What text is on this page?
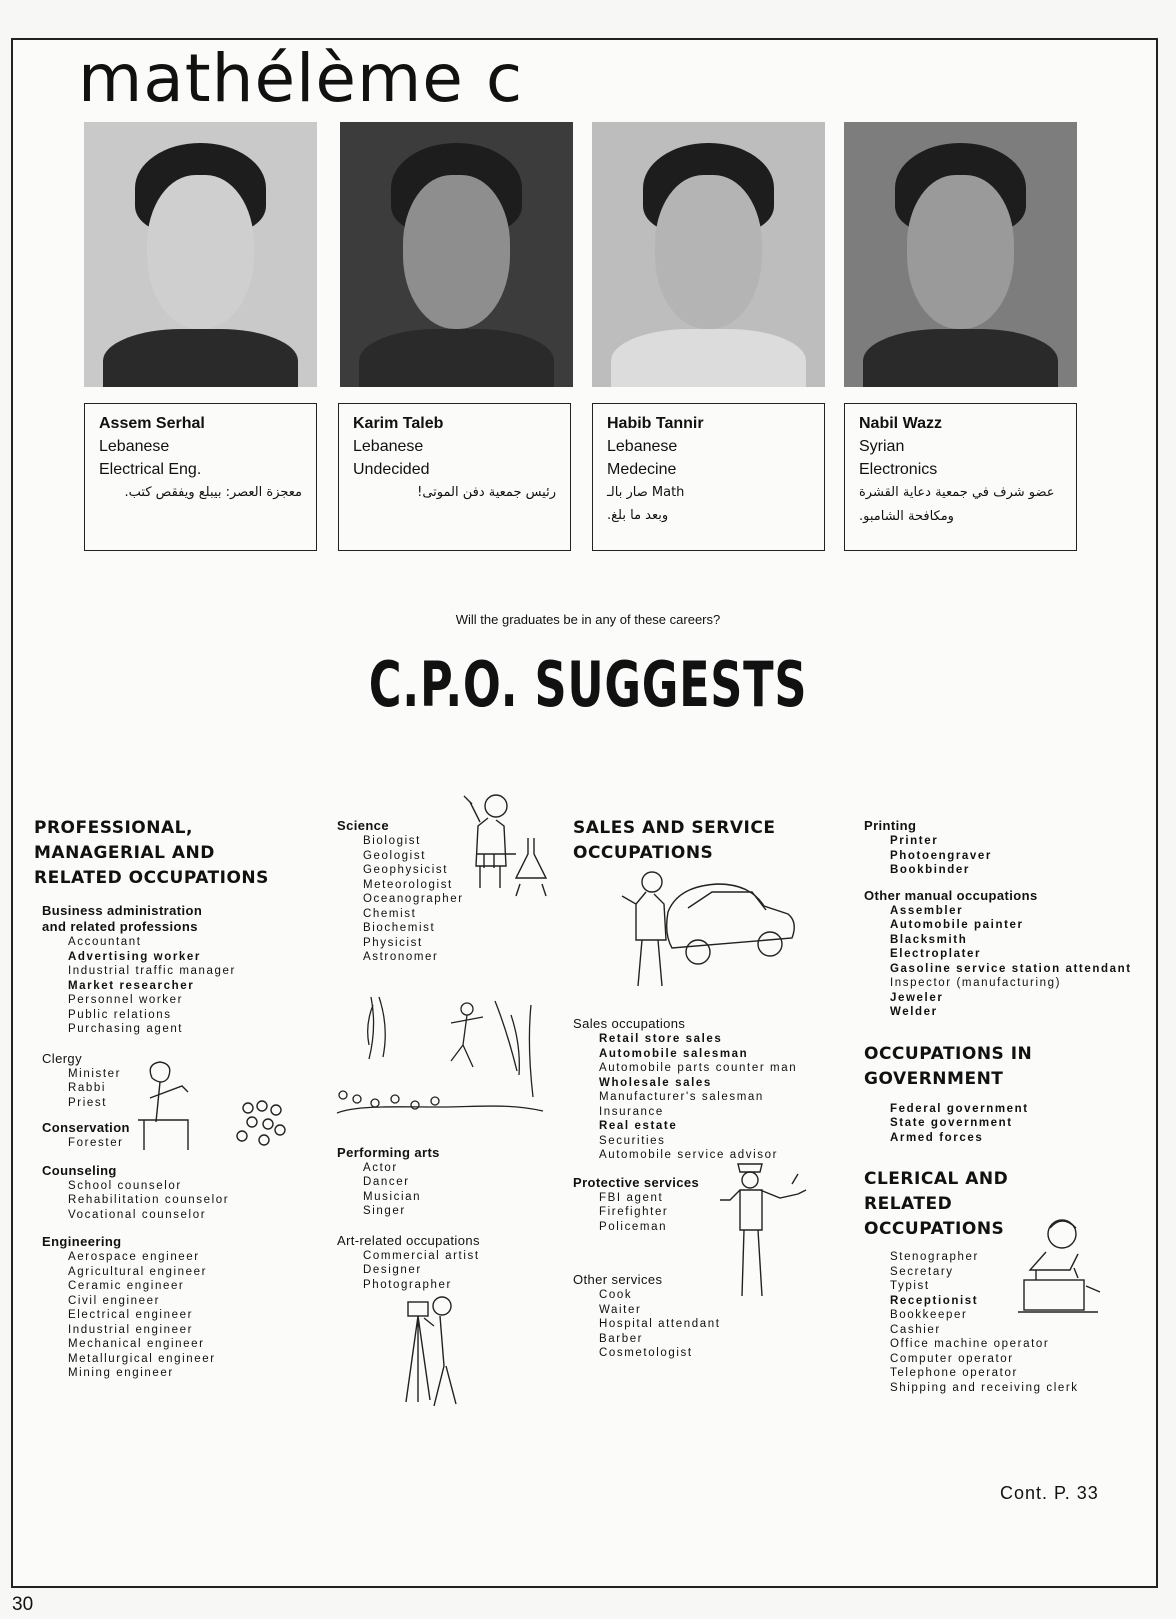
mathélème c
Assem Serhal
Lebanese
Electrical Eng.
معجزة العصر: بيبلع ويفقص كتب.
Karim Taleb
Lebanese
Undecided
رئيس جمعية دفن الموتى!
Habib Tannir
Lebanese
Medecine
Math صار بالـ
وبعد ما بلغ.
Nabil Wazz
Syrian
Electronics
عضو شرف في جمعية دعاية القشرة
ومكافحة الشامبو.
Will the graduates be in any of these careers?
C.P.O. SUGGESTS
PROFESSIONAL,
MANAGERIAL AND
RELATED OCCUPATIONS
Business administration
and related professions
Accountant
Advertising worker
Industrial traffic manager
Market researcher
Personnel worker
Public relations
Purchasing agent
Clergy
Minister
Rabbi
Priest
Conservation
Forester
Counseling
School counselor
Rehabilitation counselor
Vocational counselor
Engineering
Aerospace engineer
Agricultural engineer
Ceramic engineer
Civil engineer
Electrical engineer
Industrial engineer
Mechanical engineer
Metallurgical engineer
Mining engineer
Science
Biologist
Geologist
Geophysicist
Meteorologist
Oceanographer
Chemist
Biochemist
Physicist
Astronomer
Performing arts
Actor
Dancer
Musician
Singer
Art-related occupations
Commercial artist
Designer
Photographer
SALES AND SERVICE
OCCUPATIONS
Sales occupations
Retail store sales
Automobile salesman
Automobile parts counter man
Wholesale sales
Manufacturer's salesman
Insurance
Real estate
Securities
Automobile service advisor
Protective services
FBI agent
Firefighter
Policeman
Other services
Cook
Waiter
Hospital attendant
Barber
Cosmetologist
Printing
Printer
Photoengraver
Bookbinder
Other manual occupations
Assembler
Automobile painter
Blacksmith
Electroplater
Gasoline service station attendant
Inspector (manufacturing)
Jeweler
Welder
OCCUPATIONS IN
GOVERNMENT
Federal government
State government
Armed forces
CLERICAL AND
RELATED
OCCUPATIONS
Stenographer
Secretary
Typist
Receptionist
Bookkeeper
Cashier
Office machine operator
Computer operator
Telephone operator
Shipping and receiving clerk
Cont. P. 33
30
